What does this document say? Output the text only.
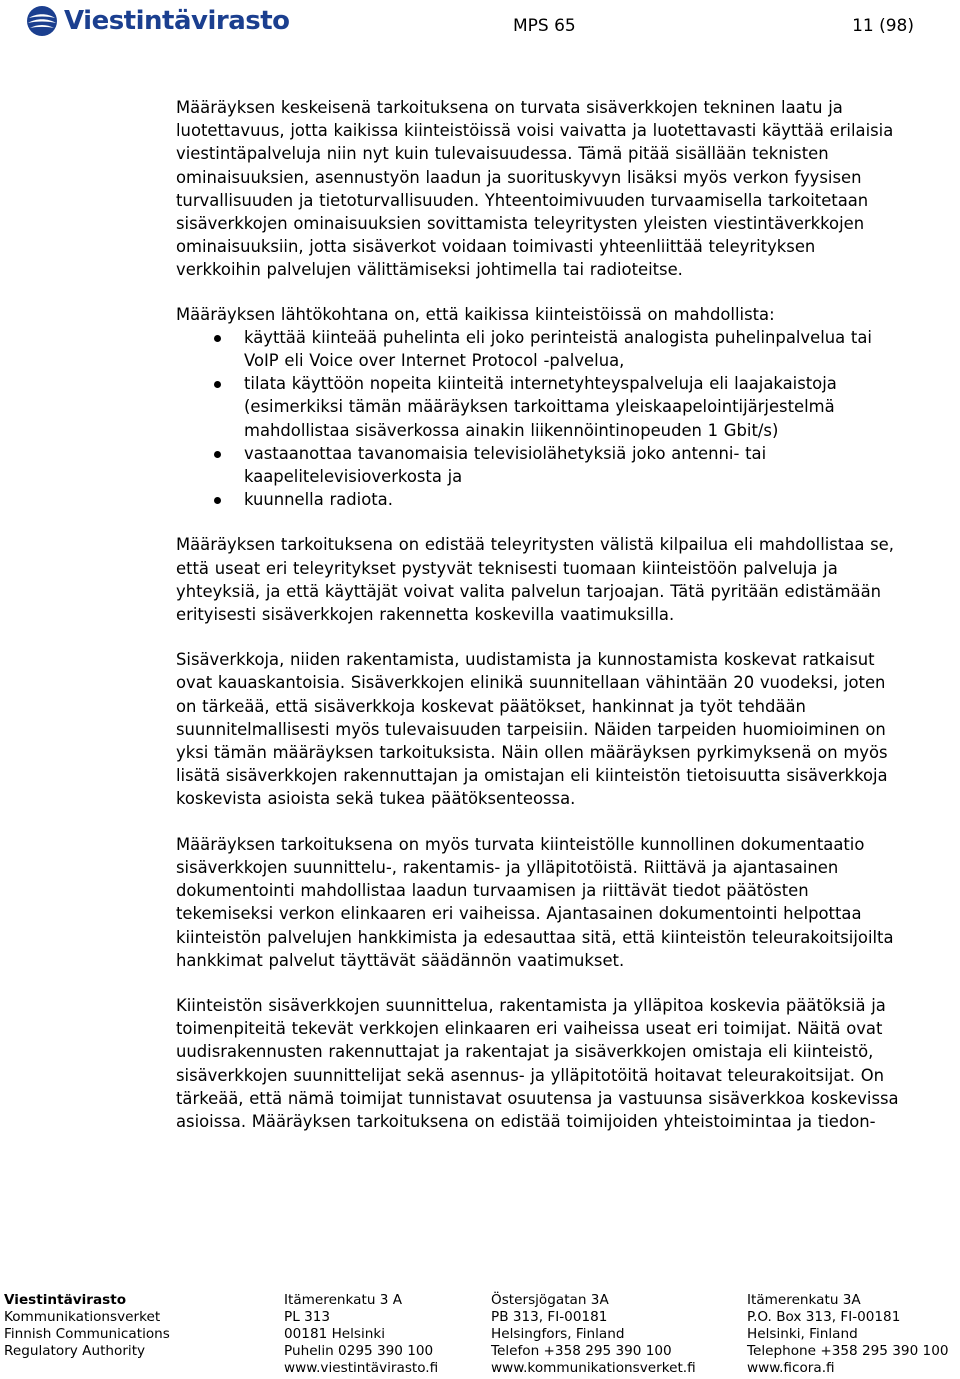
Viestintävirasto	MPS 65	11 (98)

Määräyksen keskeisenä tarkoituksena on turvata sisäverkkojen tekninen laatu ja luotettavuus, jotta kaikissa kiinteistöissä voisi vaivatta ja luotettavasti käyttää erilaisia viestintäpalveluja niin nyt kuin tulevaisuudessa. Tämä pitää sisällään teknisten ominaisuuksien, asennustyön laadun ja suorituskyvyn lisäksi myös verkon fyysisen turvallisuuden ja tietoturvallisuuden. Yhteentoimivuuden turvaamisella tarkoitetaan sisäverkkojen ominaisuuksien sovittamista teleyritysten yleisten viestintäverkkojen ominaisuuksiin, jotta sisäverkot voidaan toimivasti yhteenliittää teleyrityksen verkkoihin palvelujen välittämiseksi johtimella tai radioteitse.

Määräyksen lähtökohtana on, että kaikissa kiinteistöissä on mahdollista:

käyttää kiinteää puhelinta eli joko perinteistä analogista puhelinpalvelua tai VoIP eli Voice over Internet Protocol -palvelua,
tilata käyttöön nopeita kiinteitä internetyhteyspalveluja eli laajakaistoja (esimerkiksi tämän määräyksen tarkoittama yleiskaapelointijärjestelmä mahdollistaa sisäverkossa ainakin liikennöintinopeuden 1 Gbit/s)
vastaanottaa tavanomaisia televisiolähetyksiä joko antenni- tai kaapelitelevisioverkosta ja
kuunnella radiota.

Määräyksen tarkoituksena on edistää teleyritysten välistä kilpailua eli mahdollistaa se, että useat eri teleyritykset pystyvät teknisesti tuomaan kiinteistöön palveluja ja yhteyksiä, ja että käyttäjät voivat valita palvelun tarjoajan. Tätä pyritään edistämään erityisesti sisäverkkojen rakennetta koskevilla vaatimuksilla.

Sisäverkkoja, niiden rakentamista, uudistamista ja kunnostamista koskevat ratkaisut ovat kauaskantoisia. Sisäverkkojen elinikä suunnitellaan vähintään 20 vuodeksi, joten on tärkeää, että sisäverkkoja koskevat päätökset, hankinnat ja työt tehdään suunnitelmallisesti myös tulevaisuuden tarpeisiin. Näiden tarpeiden huomioiminen on yksi tämän määräyksen tarkoituksista. Näin ollen määräyksen pyrkimyksenä on myös lisätä sisäverkkojen rakennuttajan ja omistajan eli kiinteistön tietoisuutta sisäverkkoja koskevista asioista sekä tukea päätöksenteossa.

Määräyksen tarkoituksena on myös turvata kiinteistölle kunnollinen dokumentaatio sisäverkkojen suunnittelu-, rakentamis- ja ylläpitotöistä. Riittävä ja ajantasainen dokumentointi mahdollistaa laadun turvaamisen ja riittävät tiedot päätösten tekemiseksi verkon elinkaaren eri vaiheissa. Ajantasainen dokumentointi helpottaa kiinteistön palvelujen hankkimista ja edesauttaa sitä, että kiinteistön teleurakoitsijoilta hankkimat palvelut täyttävät säädännön vaatimukset.

Kiinteistön sisäverkkojen suunnittelua, rakentamista ja ylläpitoa koskevia päätöksiä ja toimenpiteitä tekevät verkkojen elinkaaren eri vaiheissa useat eri toimijat. Näitä ovat uudisrakennusten rakennuttajat ja rakentajat ja sisäverkkojen omistaja eli kiinteistö, sisäverkkojen suunnittelijat sekä asennus- ja ylläpitotöitä hoitavat teleurakoitsijat. On tärkeää, että nämä toimijat tunnistavat osuutensa ja vastuunsa sisäverkkoa koskevissa asioissa. Määräyksen tarkoituksena on edistää toimijoiden yhteistoimintaa ja tiedon-

Viestintävirasto
Kommunikationsverket
Finnish Communications
Regulatory Authority
Itämerenkatu 3 A
PL 313
00181 Helsinki
Puhelin 0295 390 100
www.viestintävirasto.fi
Östersjögatan 3A
PB 313, FI-00181
Helsingfors, Finland
Telefon +358 295 390 100
www.kommunikationsverket.fi
Itämerenkatu 3A
P.O. Box 313, FI-00181
Helsinki, Finland
Telephone +358 295 390 100
www.ficora.fi
